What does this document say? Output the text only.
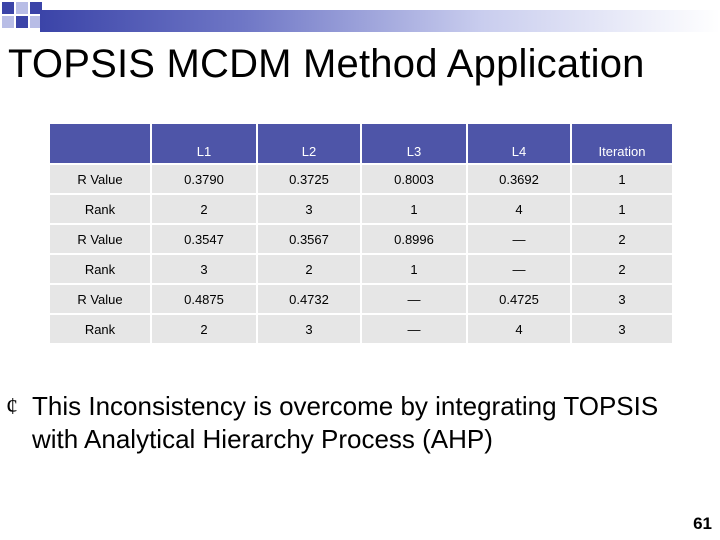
TOPSIS MCDM Method Application
	L1	L2	L3	L4	Iteration
R Value	0.3790	0.3725	0.8003	0.3692	1
Rank	2	3	1	4	1
R Value	0.3547	0.3567	0.8996	—	2
Rank	3	2	1	—	2
R Value	0.4875	0.4732	—	0.4725	3
Rank	2	3	—	4	3
¢ This Inconsistency is overcome by integrating TOPSIS with Analytical Hierarchy Process (AHP)

61
